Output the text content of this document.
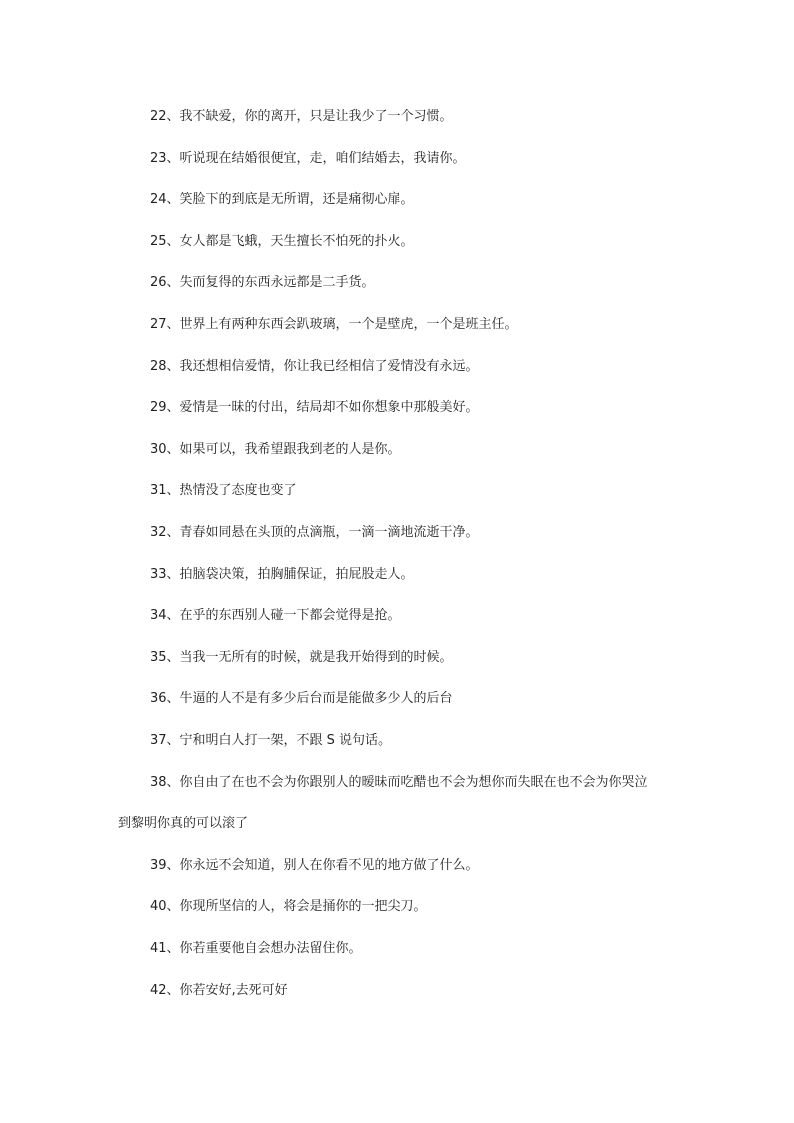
22、我不缺爱，你的离开，只是让我少了一个习惯。
23、听说现在结婚很便宜，走，咱们结婚去，我请你。
24、笑脸下的到底是无所谓，还是痛彻心扉。
25、女人都是飞蛾，天生擅长不怕死的扑火。
26、失而复得的东西永远都是二手货。
27、世界上有两种东西会趴玻璃，一个是壁虎，一个是班主任。
28、我还想相信爱情，你让我已经相信了爱情没有永远。
29、爱情是一昧的付出，结局却不如你想象中那般美好。
30、如果可以，我希望跟我到老的人是你。
31、热情没了态度也变了
32、青春如同悬在头顶的点滴瓶，一滴一滴地流逝干净。
33、拍脑袋决策，拍胸脯保证，拍屁股走人。
34、在乎的东西别人碰一下都会觉得是抢。
35、当我一无所有的时候，就是我开始得到的时候。
36、牛逼的人不是有多少后台而是能做多少人的后台
37、宁和明白人打一架，不跟 S 说句话。
38、你自由了在也不会为你跟别人的暧昧而吃醋也不会为想你而失眠在也不会为你哭泣
到黎明你真的可以滚了
39、你永远不会知道，别人在你看不见的地方做了什么。
40、你现所坚信的人，将会是捅你的一把尖刀。
41、你若重要他自会想办法留住你。
42、你若安好,去死可好
